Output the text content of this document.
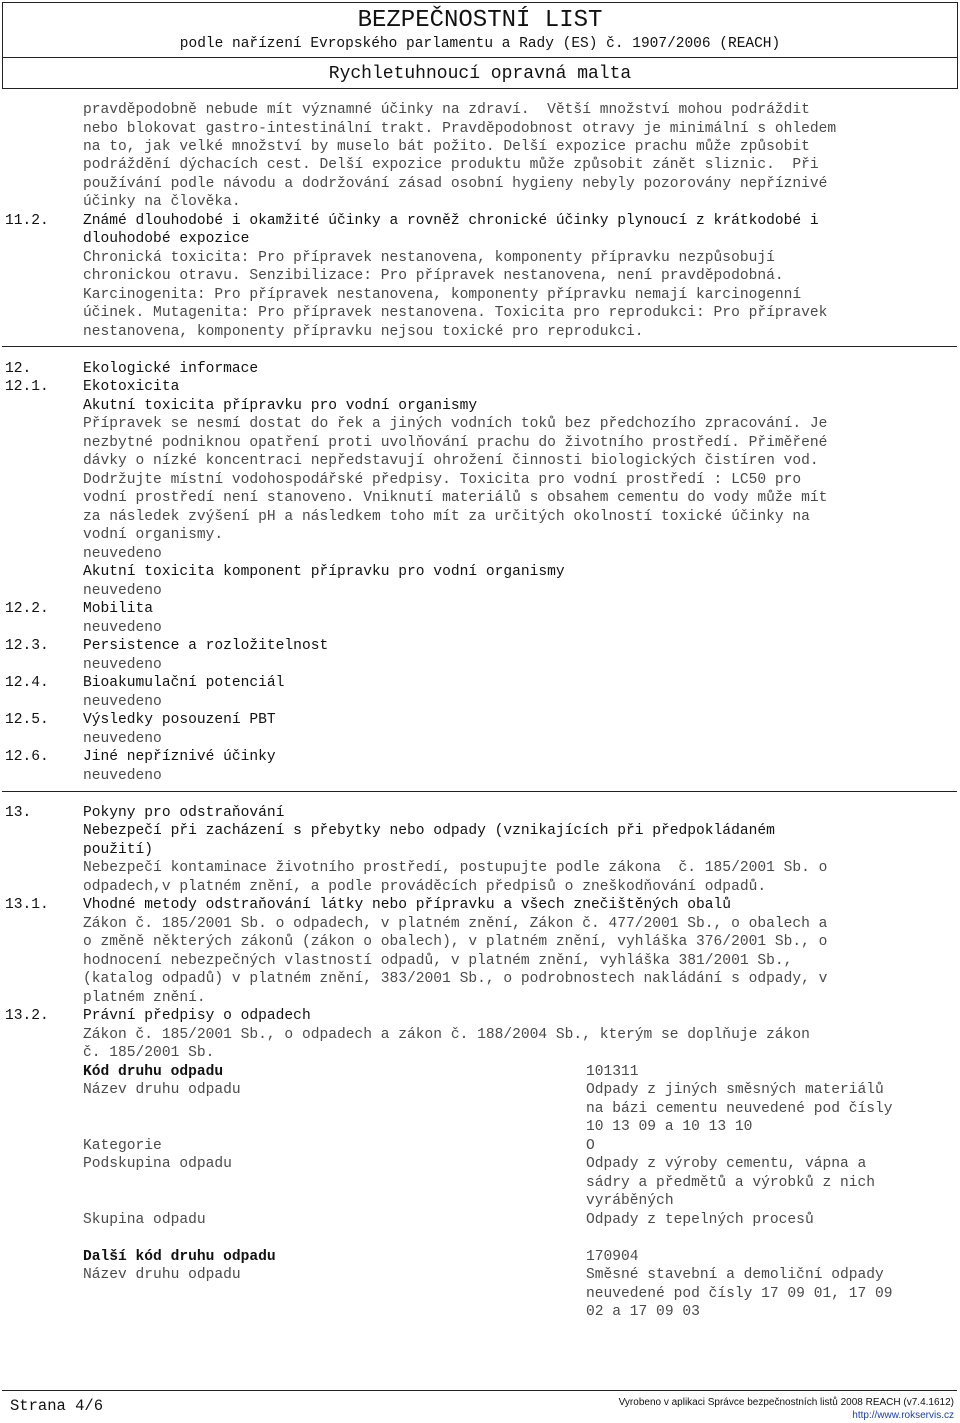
BEZPEČNOSTNÍ LIST
podle nařízení Evropského parlamentu a Rady (ES) č. 1907/2006 (REACH)
Rychletuhnoucí opravná malta
pravděpodobně nebude mít významné účinky na zdraví.  Větší množství mohou podráždit
nebo blokovat gastro-intestinální trakt. Pravděpodobnost otravy je minimální s ohledem
na to, jak velké množství by muselo bát požito. Delší expozice prachu může způsobit
podráždění dýchacích cest. Delší expozice produktu může způsobit zánět sliznic.  Při
používání podle návodu a dodržování zásad osobní hygieny nebyly pozorovány nepříznivé
účinky na člověka.
11.2. Známé dlouhodobé i okamžité účinky a rovněž chronické účinky plynoucí z krátkodobé i
dlouhodobé expozice
Chronická toxicita: Pro přípravek nestanovena, komponenty přípravku nezpůsobují
chronickou otravu. Senzibilizace: Pro přípravek nestanovena, není pravděpodobná.
Karcinogenita: Pro přípravek nestanovena, komponenty přípravku nemají karcinogenní
účinek. Mutagenita: Pro přípravek nestanovena. Toxicita pro reprodukci: Pro přípravek
nestanovena, komponenty přípravku nejsou toxické pro reprodukci.
12.	Ekologické informace
12.1. Ekotoxicita
Akutní toxicita přípravku pro vodní organismy
Přípravek se nesmí dostat do řek a jiných vodních toků bez předchozího zpracování. Je
nezbytné podniknou opatření proti uvolňování prachu do životního prostředí. Přiměřené
dávky o nízké koncentraci nepředstavují ohrožení činnosti biologických čistíren vod.
Dodržujte místní vodohospodářské předpisy. Toxicita pro vodní prostředí : LC50 pro
vodní prostředí není stanoveno. Vniknutí materiálů s obsahem cementu do vody může mít
za následek zvýšení pH a následkem toho mít za určitých okolností toxické účinky na
vodní organismy.
neuvedeno
Akutní toxicita komponent přípravku pro vodní organismy
neuvedeno
12.2. Mobilita
neuvedeno
12.3. Persistence a rozložitelnost
neuvedeno
12.4. Bioakumulační potenciál
neuvedeno
12.5. Výsledky posouzení PBT
neuvedeno
12.6. Jiné nepříznivé účinky
neuvedeno
13.	Pokyny pro odstraňování
Nebezpečí při zacházení s přebytky nebo odpady (vznikajících při předpokládaném
použití)
Nebezpečí kontaminace životního prostředí, postupujte podle zákona  č. 185/2001 Sb. o
odpadech,v platném znění, a podle prováděcích předpisů o zneškodňování odpadů.
13.1. Vhodné metody odstraňování látky nebo přípravku a všech znečištěných obalů
Zákon č. 185/2001 Sb. o odpadech, v platném znění, Zákon č. 477/2001 Sb., o obalech a
o změně některých zákonů (zákon o obalech), v platném znění, vyhláška 376/2001 Sb., o
hodnocení nebezpečných vlastností odpadů, v platném znění, vyhláška 381/2001 Sb.,
(katalog odpadů) v platném znění, 383/2001 Sb., o podrobnostech nakládání s odpady, v
platném znění.
13.2. Právní předpisy o odpadech
Zákon č. 185/2001 Sb., o odpadech a zákon č. 188/2004 Sb., kterým se doplňuje zákon
č. 185/2001 Sb.
Kód druhu odpadu	101311
Název druhu odpadu	Odpady z jiných směsných materiálů
na bázi cementu neuvedené pod čísly
10 13 09 a 10 13 10
Kategorie	O
Podskupina odpadu	Odpady z výroby cementu, vápna a
sádry a předmětů a výrobků z nich
vyráběných
Skupina odpadu	Odpady z tepelných procesů
Další kód druhu odpadu	170904
Název druhu odpadu	Směsné stavební a demoliční odpady
neuvedené pod čísly 17 09 01, 17 09
02 a 17 09 03
Strana 4/6	Vyrobeno v aplikaci Správce bezpečnostních listů 2008 REACH (v7.4.1612)
http://www.rokservis.cz
